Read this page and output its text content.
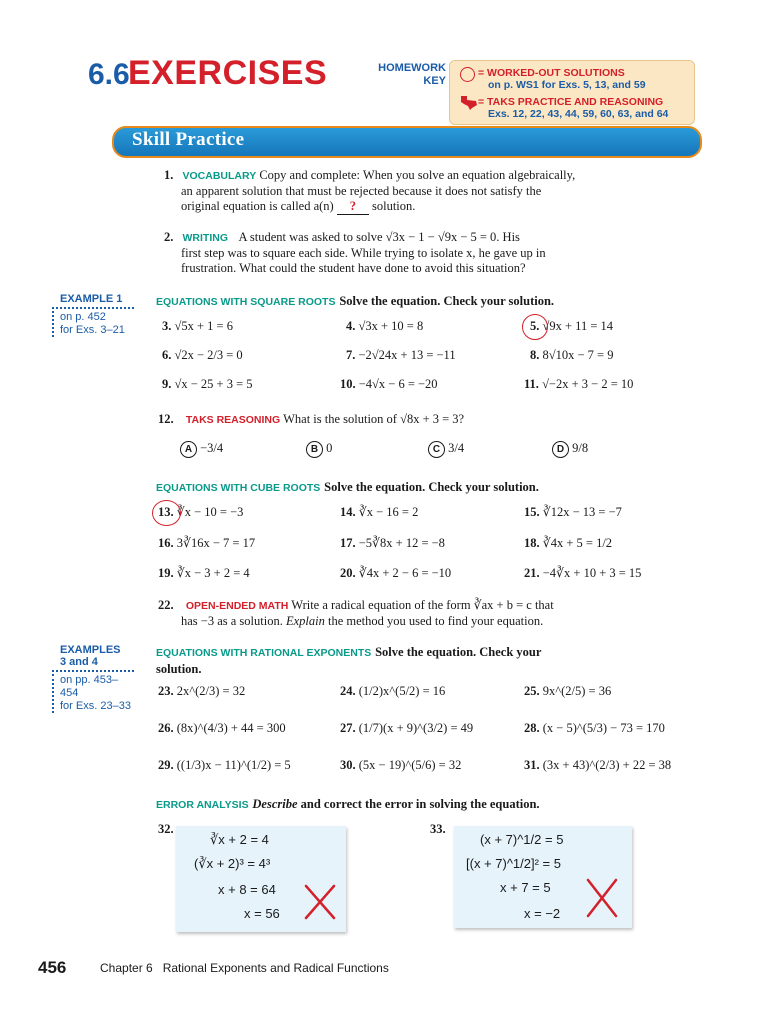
6.6
EXERCISES	HOMEWORK
KEY
= WORKED-OUT SOLUTIONS
on p. WS1 for Exs. 5, 13, and 59
= TAKS PRACTICE AND REASONING
Exs. 12, 22, 43, 44, 59, 60, 63, and 64
Skill Practice
1. VOCABULARY Copy and complete: When you solve an equation algebraically,
an apparent solution that must be rejected because it does not satisfy the
original equation is called a(n) ? solution.
2. WRITING A student was asked to solve √3x − 1 − √9x − 5 = 0. His
first step was to square each side. While trying to isolate x, he gave up in
frustration. What could the student have done to avoid this situation?
EXAMPLE 1
on p. 452
for Exs. 3–21
EQUATIONS WITH SQUARE ROOTS Solve the equation. Check your solution.
3. √5x + 1 = 6	4. √3x + 10 = 8	5. √9x + 11 = 14
6. √2x − 2/3 = 0	7. −2√24x + 13 = −11	8. 8√10x − 7 = 9
9. √x − 25 + 3 = 5	10. −4√x − 6 = −20	11. √−2x + 3 − 2 = 10
12. TAKS REASONING What is the solution of √8x + 3 = 3?
A −3/4	B 0	C 3/4	D 9/8
EQUATIONS WITH CUBE ROOTS Solve the equation. Check your solution.
13. ∛x − 10 = −3	14. ∛x − 16 = 2	15. ∛12x − 13 = −7
16. 3∛16x − 7 = 17	17. −5∛8x + 12 = −8	18. ∛4x + 5 = 1/2
19. ∛x − 3 + 2 = 4	20. ∛4x + 2 − 6 = −10	21. −4∛x + 10 + 3 = 15
22. OPEN-ENDED MATH Write a radical equation of the form ∛ax + b = c that
has −3 as a solution. Explain the method you used to find your equation.
EXAMPLES
3 and 4
on pp. 453–454
for Exs. 23–33
EQUATIONS WITH RATIONAL EXPONENTS Solve the equation. Check your
solution.
23. 2x^(2/3) = 32	24. (1/2)x^(5/2) = 16	25. 9x^(2/5) = 36
26. (8x)^(4/3) + 44 = 300	27. (1/7)(x + 9)^(3/2) = 49	28. (x − 5)^(5/3) − 73 = 170
29. ((1/3)x − 11)^(1/2) = 5	30. (5x − 19)^(5/6) = 32	31. (3x + 43)^(2/3) + 22 = 38
ERROR ANALYSIS Describe and correct the error in solving the equation.
32.
∛x + 2 = 4
(∛x + 2)³ = 4³
x + 8 = 64
x = 56
33.
(x + 7)^1/2 = 5
[(x + 7)^1/2]² = 5
x + 7 = 5
x = −2
456	Chapter 6 Rational Exponents and Radical Functions
